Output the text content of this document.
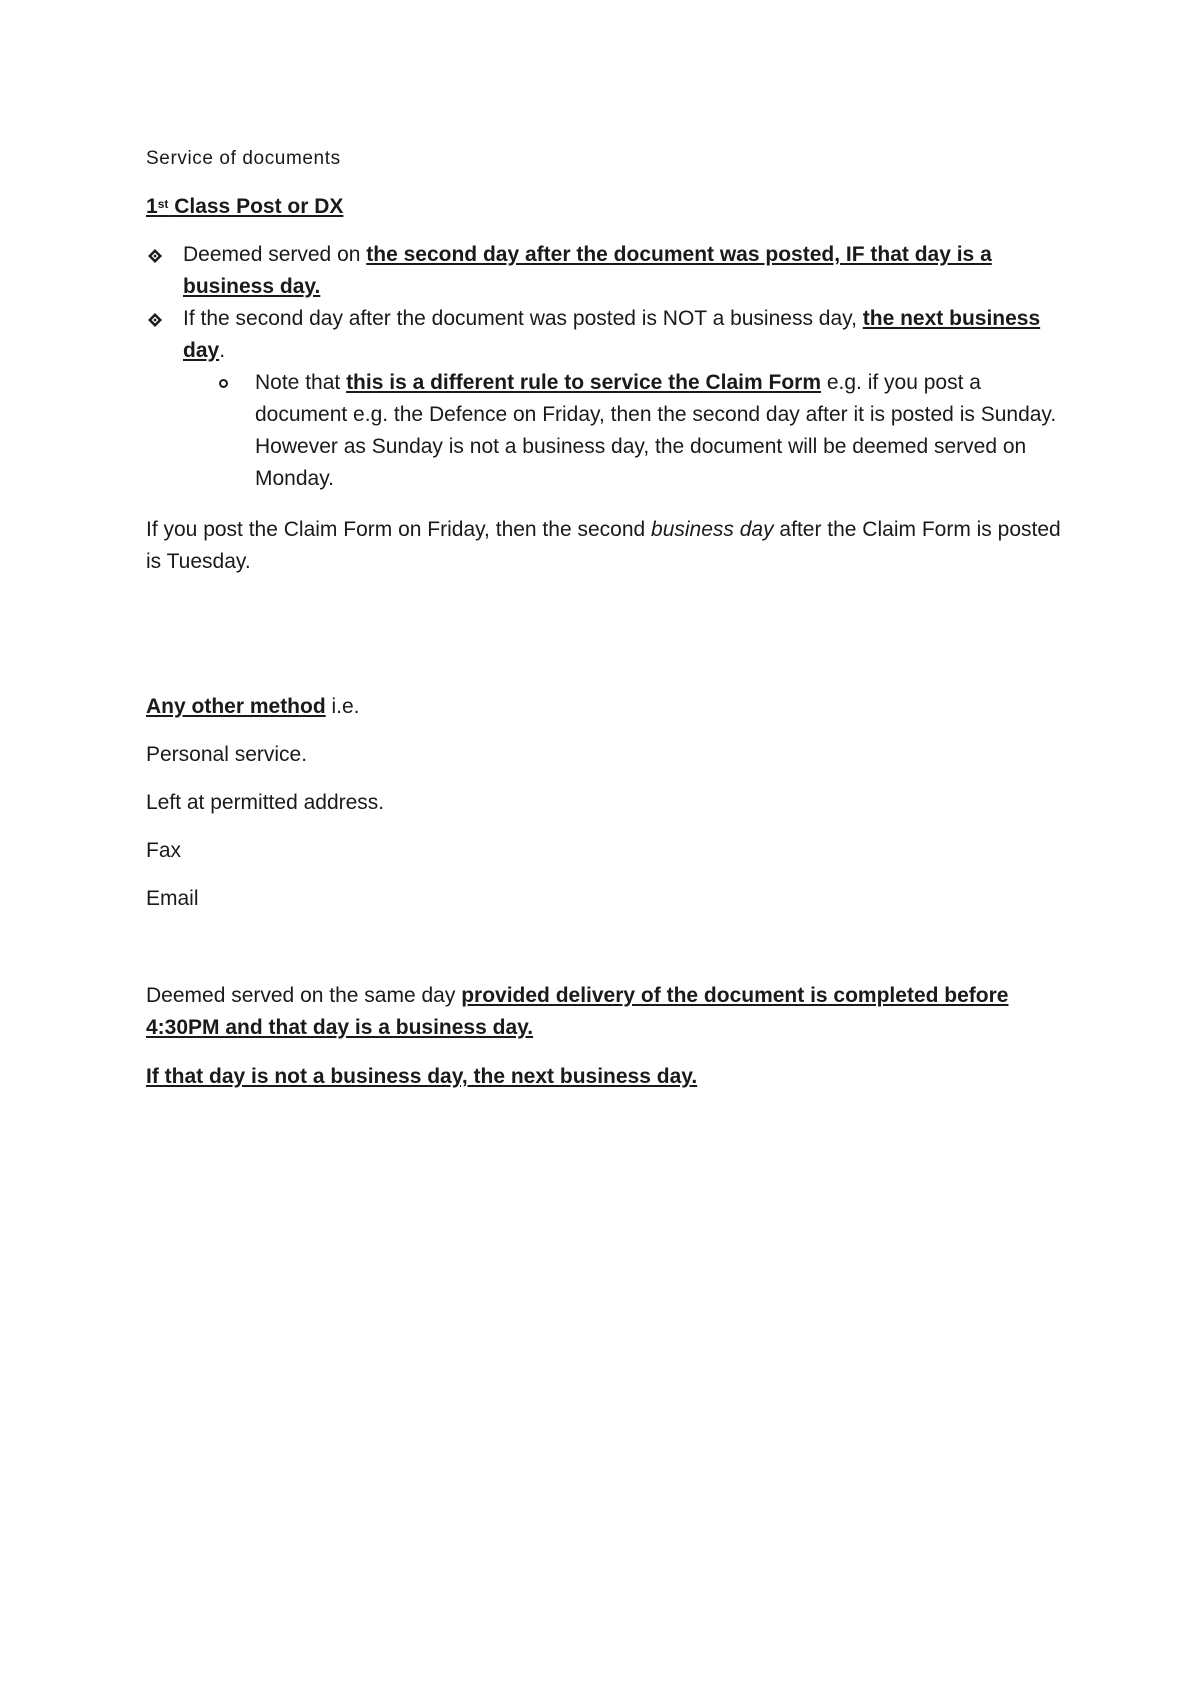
Service of documents
1st Class Post or DX
Deemed served on the second day after the document was posted, IF that day is a business day.
If the second day after the document was posted is NOT a business day, the next business day.
Note that this is a different rule to service the Claim Form e.g. if you post a document e.g. the Defence on Friday, then the second day after it is posted is Sunday. However as Sunday is not a business day, the document will be deemed served on Monday.
If you post the Claim Form on Friday, then the second business day after the Claim Form is posted is Tuesday.
Any other method i.e.
Personal service.
Left at permitted address.
Fax
Email
Deemed served on the same day provided delivery of the document is completed before 4:30PM and that day is a business day.
If that day is not a business day, the next business day.
